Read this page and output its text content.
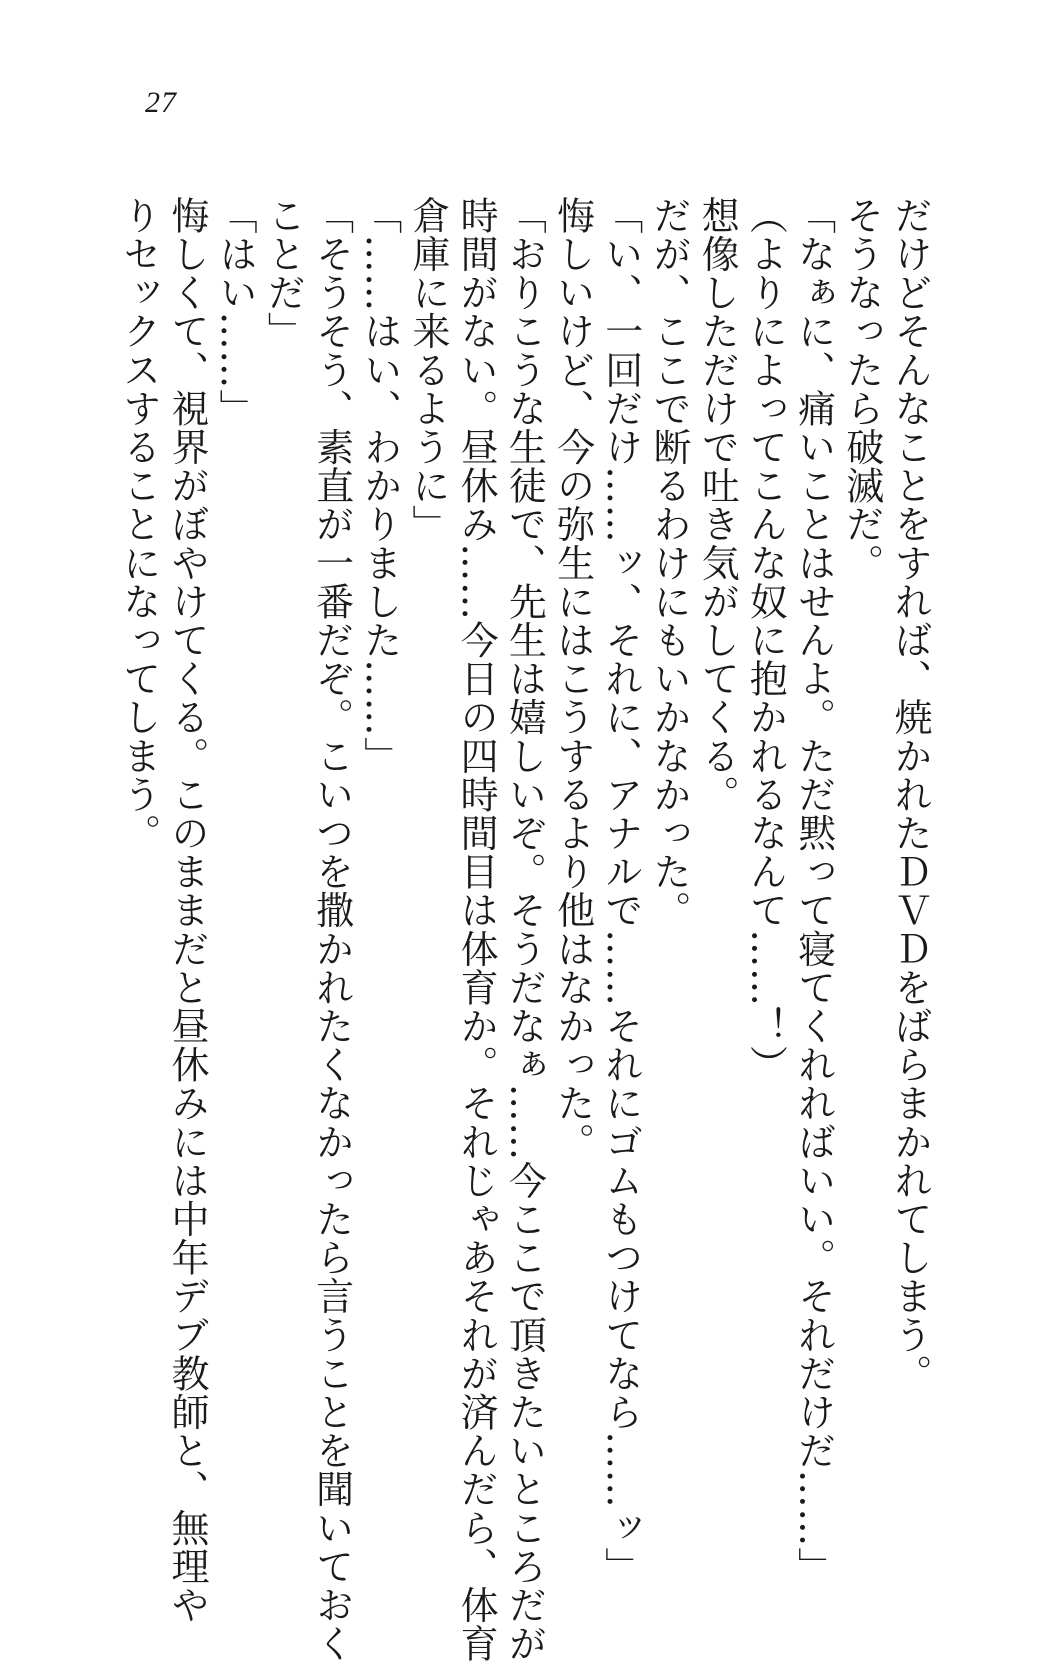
27
だけどそんなことをすれば、焼かれたＤＶＤをばらまかれてしまう。
そうなったら破滅だ。
「なぁに、痛いことはせんよ。ただ黙って寝てくれればいい。それだけだ……」
（よりによってこんな奴に抱かれるなんて……！）
想像しただけで吐き気がしてくる。
だが、ここで断るわけにもいかなかった。
「い、一回だけ……ッ、それに、アナルで……それにゴムもつけてなら……ッ」
悔しいけど、今の弥生にはこうするより他はなかった。
「おりこうな生徒で、先生は嬉しいぞ。そうだなぁ……今ここで頂きたいところだが
時間がない。昼休み……今日の四時間目は体育か。それじゃあそれが済んだら、体育
倉庫に来るように」
「……はい、わかりました……」
「そうそう、素直が一番だぞ。こいつを撒かれたくなかったら言うことを聞いておく
ことだ」
「はい……」
悔しくて、視界がぼやけてくる。このままだと昼休みには中年デブ教師と、無理や
りセックスすることになってしまう。
